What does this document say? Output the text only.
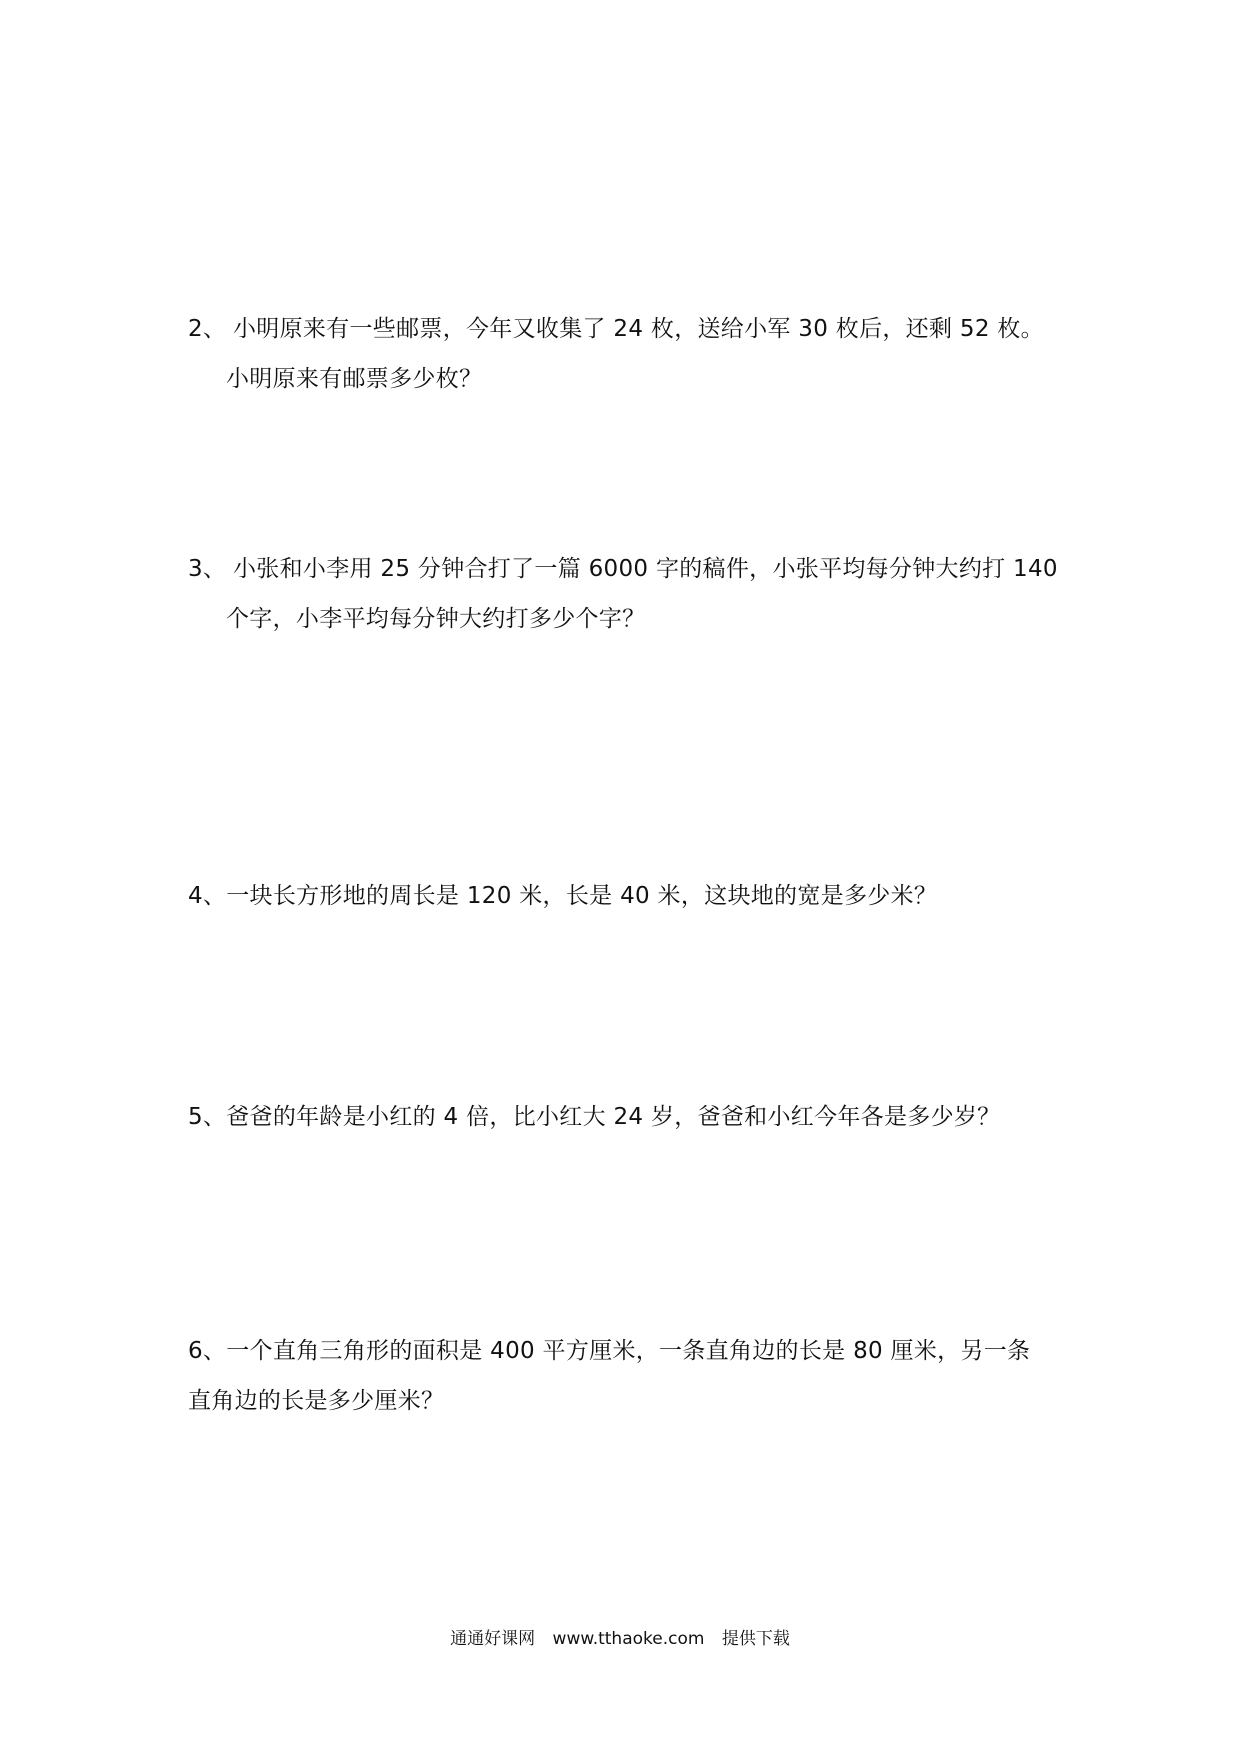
2、 小明原来有一些邮票，今年又收集了 24 枚，送给小军 30 枚后，还剩 52 枚。
小明原来有邮票多少枚？
3、 小张和小李用 25 分钟合打了一篇 6000 字的稿件，小张平均每分钟大约打 140
个字，小李平均每分钟大约打多少个字？
4、一块长方形地的周长是 120 米，长是 40 米，这块地的宽是多少米？
5、爸爸的年龄是小红的 4 倍，比小红大 24 岁，爸爸和小红今年各是多少岁？
6、一个直角三角形的面积是 400 平方厘米，一条直角边的长是 80 厘米，另一条
直角边的长是多少厘米？
通通好课网 www.tthaoke.com 提供下载
